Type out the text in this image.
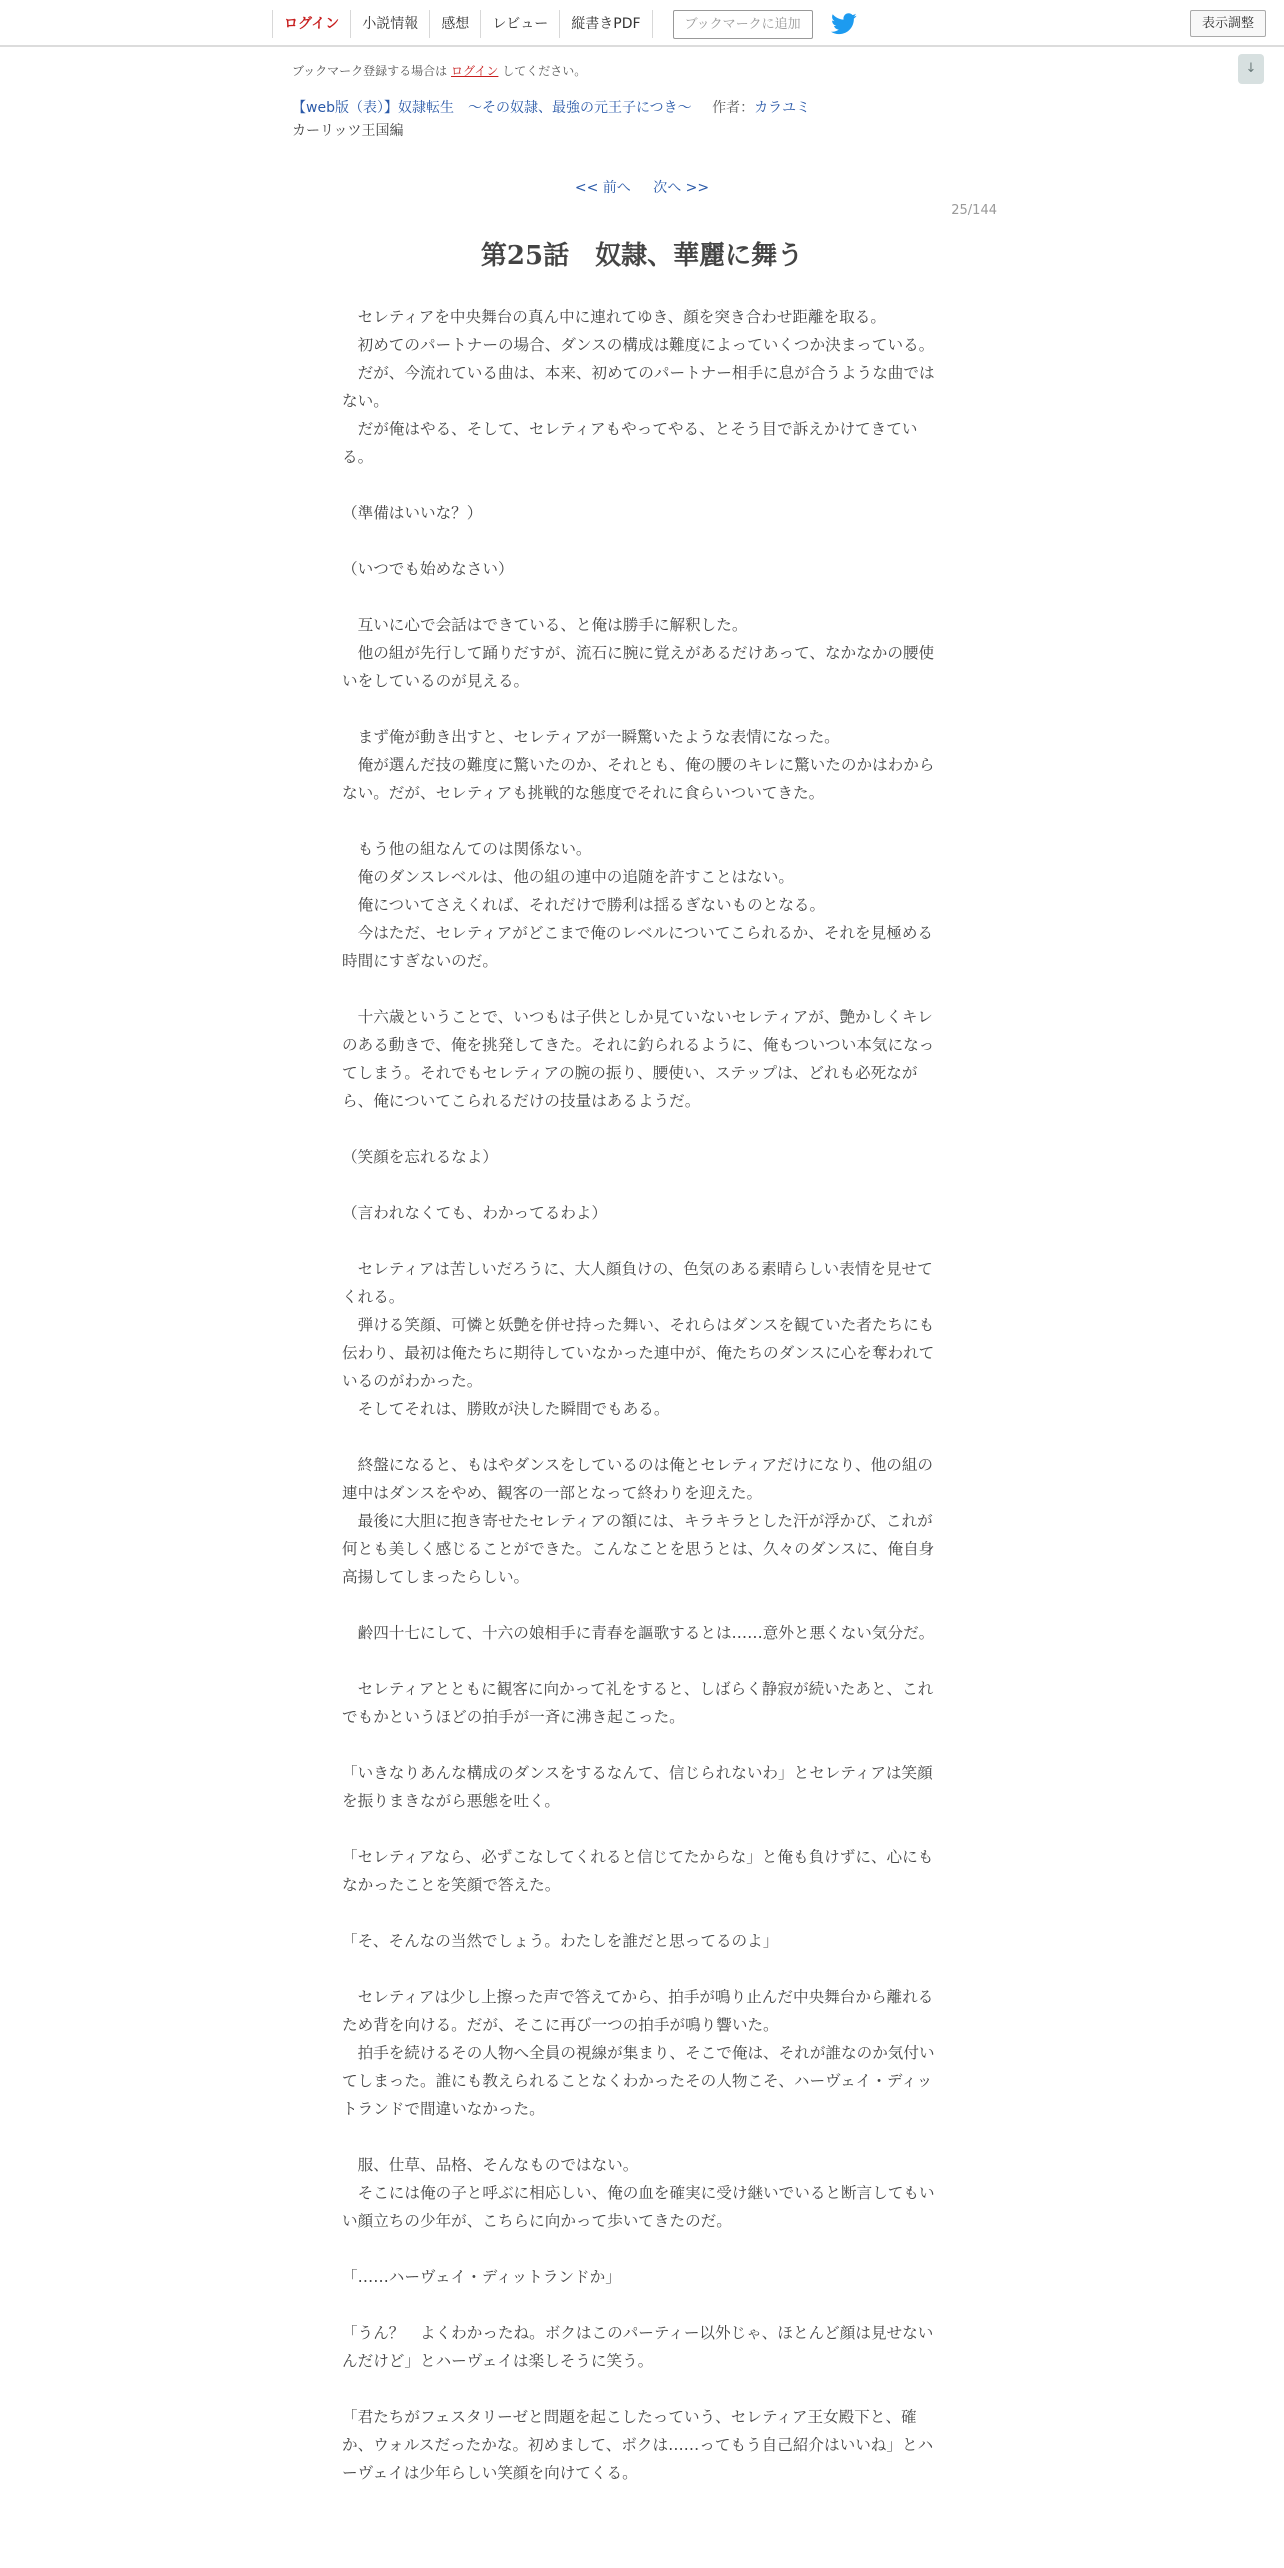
ログイン	小説情報	感想	レビュー	縦書きPDF	ブックマークに追加	表示調整
↓
ブックマーク登録する場合は ログイン してください。
【web版（表）】奴隷転生　～その奴隷、最強の元王子につき～ 作者：カラユミ
カーリッツ王国編
<< 前へ 次へ >>
25/144
第25話　奴隷、華麗に舞う

　セレティアを中央舞台の真ん中に連れてゆき、顔を突き合わせ距離を取る。

　初めてのパートナーの場合、ダンスの構成は難度によっていくつか決まっている。

　だが、今流れている曲は、本来、初めてのパートナー相手に息が合うような曲ではない。

　だが俺はやる、そして、セレティアもやってやる、とそう目で訴えかけてきている。

（準備はいいな？）

（いつでも始めなさい）

　互いに心で会話はできている、と俺は勝手に解釈した。

　他の組が先行して踊りだすが、流石に腕に覚えがあるだけあって、なかなかの腰使いをしているのが見える。

　まず俺が動き出すと、セレティアが一瞬驚いたような表情になった。

　俺が選んだ技の難度に驚いたのか、それとも、俺の腰のキレに驚いたのかはわからない。だが、セレティアも挑戦的な態度でそれに食らいついてきた。

　もう他の組なんてのは関係ない。

　俺のダンスレベルは、他の組の連中の追随を許すことはない。

　俺についてさえくれば、それだけで勝利は揺るぎないものとなる。

　今はただ、セレティアがどこまで俺のレベルについてこられるか、それを見極める時間にすぎないのだ。

　十六歳ということで、いつもは子供としか見ていないセレティアが、艶かしくキレのある動きで、俺を挑発してきた。それに釣られるように、俺もついつい本気になってしまう。それでもセレティアの腕の振り、腰使い、ステップは、どれも必死ながら、俺についてこられるだけの技量はあるようだ。

（笑顔を忘れるなよ）

（言われなくても、わかってるわよ）

　セレティアは苦しいだろうに、大人顔負けの、色気のある素晴らしい表情を見せてくれる。

　弾ける笑顔、可憐と妖艶を併せ持った舞い、それらはダンスを観ていた者たちにも伝わり、最初は俺たちに期待していなかった連中が、俺たちのダンスに心を奪われているのがわかった。

　そしてそれは、勝敗が決した瞬間でもある。

　終盤になると、もはやダンスをしているのは俺とセレティアだけになり、他の組の連中はダンスをやめ、観客の一部となって終わりを迎えた。

　最後に大胆に抱き寄せたセレティアの額には、キラキラとした汗が浮かび、これが何とも美しく感じることができた。こんなことを思うとは、久々のダンスに、俺自身高揚してしまったらしい。

　齢四十七にして、十六の娘相手に青春を謳歌するとは……意外と悪くない気分だ。

　セレティアとともに観客に向かって礼をすると、しばらく静寂が続いたあと、これでもかというほどの拍手が一斉に沸き起こった。

「いきなりあんな構成のダンスをするなんて、信じられないわ」とセレティアは笑顔を振りまきながら悪態を吐く。

「セレティアなら、必ずこなしてくれると信じてたからな」と俺も負けずに、心にもなかったことを笑顔で答えた。

「そ、そんなの当然でしょう。わたしを誰だと思ってるのよ」

　セレティアは少し上擦った声で答えてから、拍手が鳴り止んだ中央舞台から離れるため背を向ける。だが、そこに再び一つの拍手が鳴り響いた。

　拍手を続けるその人物へ全員の視線が集まり、そこで俺は、それが誰なのか気付いてしまった。誰にも教えられることなくわかったその人物こそ、ハーヴェイ・ディットランドで間違いなかった。

　服、仕草、品格、そんなものではない。

　そこには俺の子と呼ぶに相応しい、俺の血を確実に受け継いでいると断言してもいい顔立ちの少年が、こちらに向かって歩いてきたのだ。

「……ハーヴェイ・ディットランドか」

「うん？　よくわかったね。ボクはこのパーティー以外じゃ、ほとんど顔は見せないんだけど」とハーヴェイは楽しそうに笑う。

「君たちがフェスタリーゼと問題を起こしたっていう、セレティア王女殿下と、確か、ウォルスだったかな。初めまして、ボクは……ってもう自己紹介はいいね」とハーヴェイは少年らしい笑顔を向けてくる。
